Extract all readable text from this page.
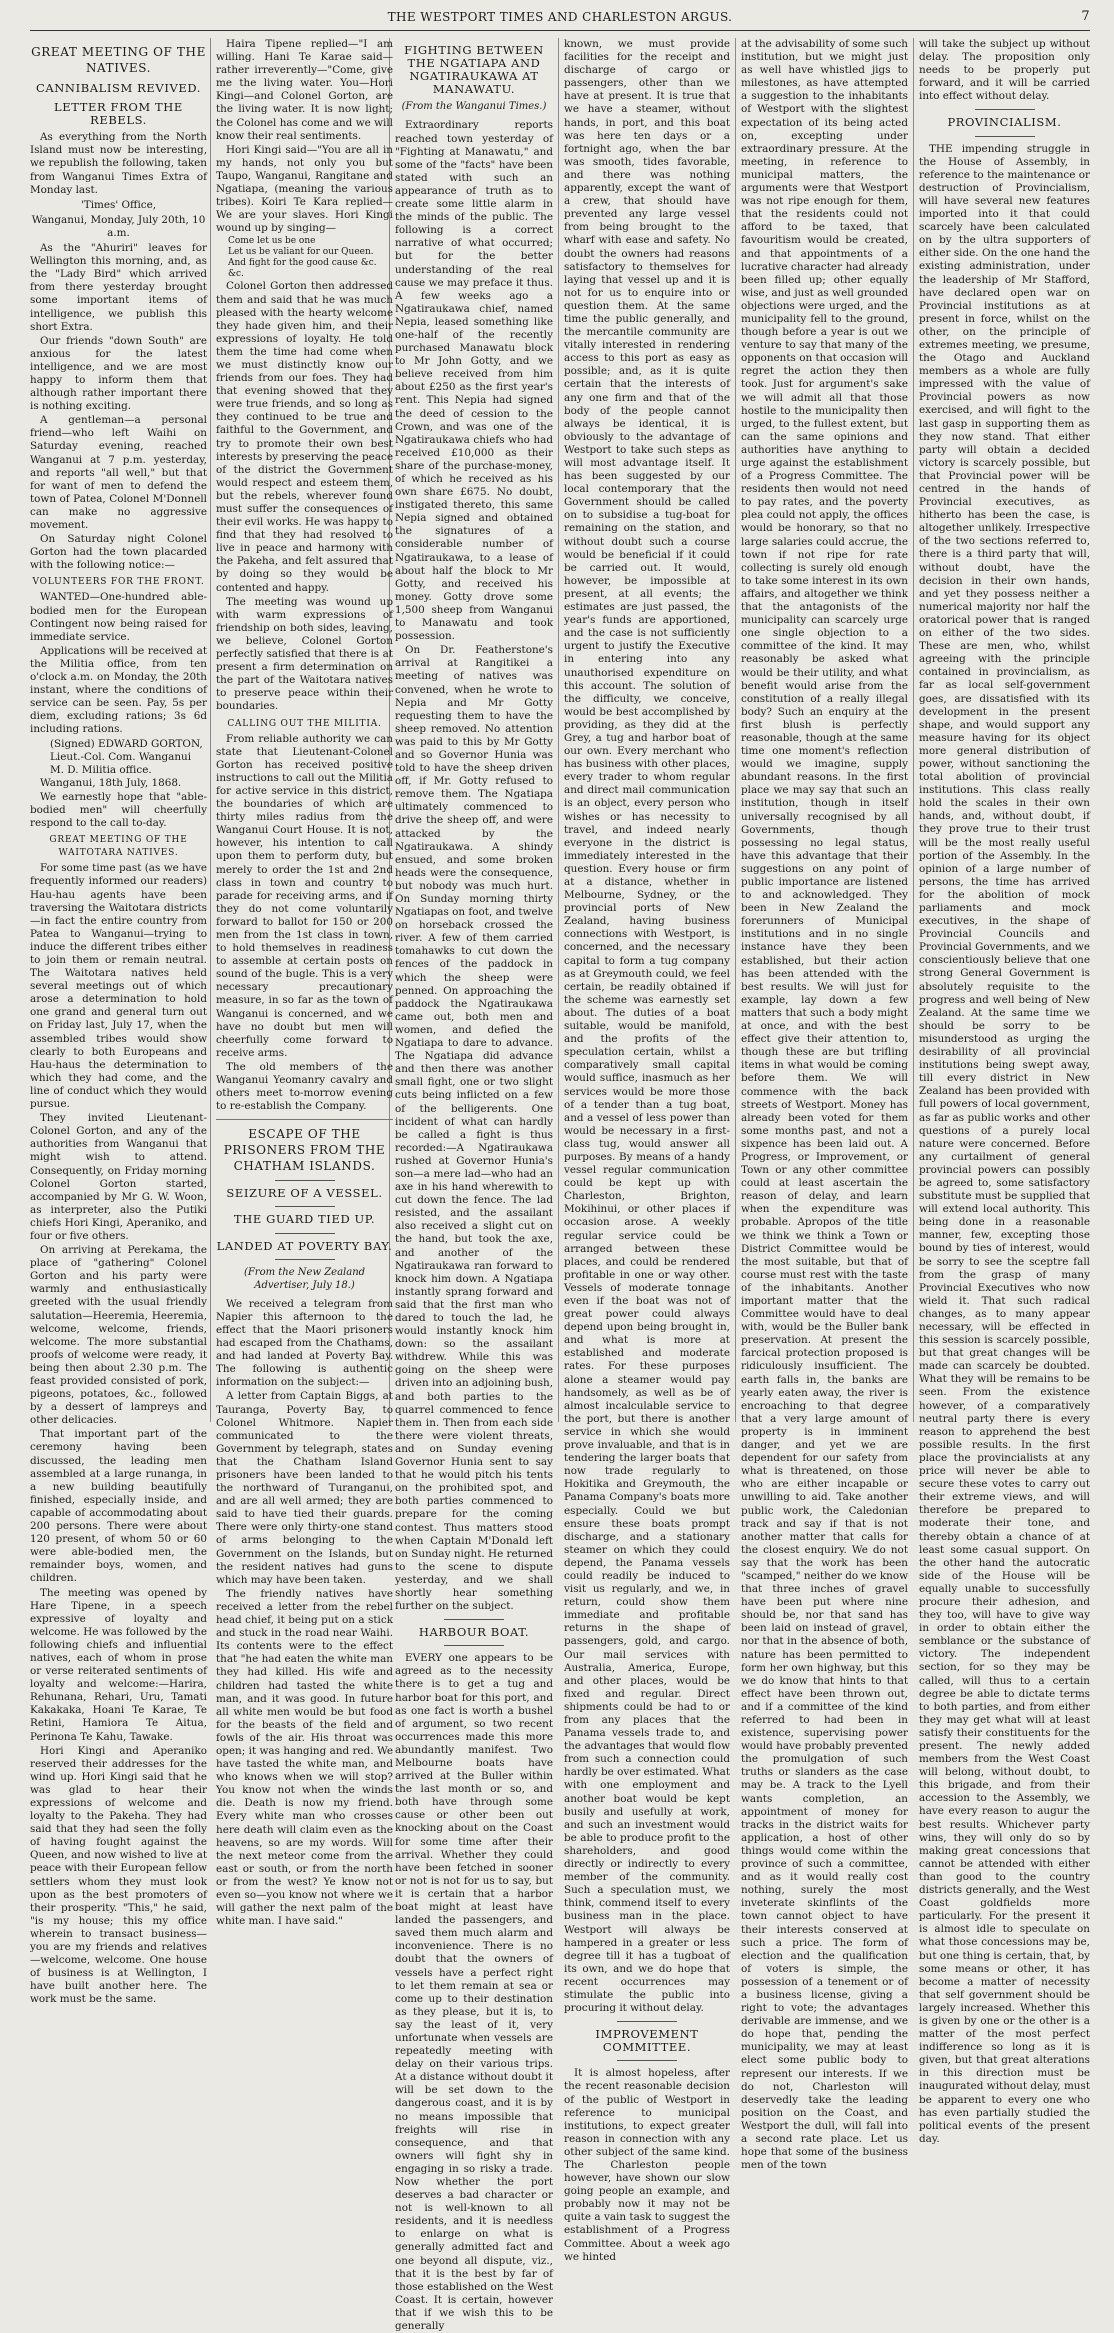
THE WESTPORT TIMES AND CHARLESTON ARGUS.	7
GREAT MEETING OF THE NATIVES.
CANNIBALISM REVIVED.
LETTER FROM THE REBELS.

As everything from the North Island must now be interesting, we republish the following, taken from Wanganui Times Extra of Monday last.

'Times' Office,
Wanganui, Monday, July 20th, 10 a.m.

As the "Ahuriri" leaves for Wellington this morning, and, as the "Lady Bird" which arrived from there yesterday brought some important items of intelligence, we publish this short Extra.

Our friends "down South" are anxious for the latest intelligence, and we are most happy to inform them that although rather important there is nothing exciting.

A gentleman—a personal friend—who left Waihi on Saturday evening, reached Wanganui at 7 p.m. yesterday, and reports "all well," but that for want of men to defend the town of Patea, Colonel M'Donnell can make no aggressive movement.

On Saturday night Colonel Gorton had the town placarded with the following notice:—

VOLUNTEERS FOR THE FRONT.

WANTED—One-hundred able-bodied men for the European Contingent now being raised for immediate service.

Applications will be received at the Militia office, from ten o'clock a.m. on Monday, the 20th instant, where the conditions of service can be seen. Pay, 5s per diem, excluding rations; 3s 6d including rations.

(Signed) EDWARD GORTON, Lieut.-Col. Com. Wanganui M. D. Militia office.

Wanganui, 18th July, 1868.

We earnestly hope that "able-bodied men" will cheerfully respond to the call to-day.

GREAT MEETING OF THE WAITOTARA NATIVES.

For some time past (as we have frequently informed our readers) Hau-hau agents have been traversing the Waitotara districts—in fact the entire country from Patea to Wanganui—trying to induce the different tribes either to join them or remain neutral. The Waitotara natives held several meetings out of which arose a determination to hold one grand and general turn out on Friday last, July 17, when the assembled tribes would show clearly to both Europeans and Hau-haus the determination to which they had come, and the line of conduct which they would pursue.

They invited Lieutenant-Colonel Gorton, and any of the authorities from Wanganui that might wish to attend. Consequently, on Friday morning Colonel Gorton started, accompanied by Mr G. W. Woon, as interpreter, also the Putiki chiefs Hori Kingi, Aperaniko, and four or five others.

On arriving at Perekama, the place of "gathering" Colonel Gorton and his party were warmly and enthusiastically greeted with the usual friendly salutation—Heeremia, Heeremia, welcome, welcome, friends, welcome. The more substantial proofs of welcome were ready, it being then about 2.30 p.m. The feast provided consisted of pork, pigeons, potatoes, &c., followed by a dessert of lampreys and other delicacies.

That important part of the ceremony having been discussed, the leading men assembled at a large runanga, in a new building beautifully finished, especially inside, and capable of accommodating about 200 persons. There were about 120 present, of whom 50 or 60 were able-bodied men, the remainder boys, women, and children.

The meeting was opened by Hare Tipene, in a speech expressive of loyalty and welcome. He was followed by the following chiefs and influential natives, each of whom in prose or verse reiterated sentiments of loyalty and welcome:—Harira, Rehunana, Rehari, Uru, Tamati Kakakaka, Hoani Te Karae, Te Retini, Hamiora Te Aitua, Perinona Te Kahu, Tawake.

Hori Kingi and Aperaniko reserved their addresses for the wind up. Hori Kingi said that he was glad to hear their expressions of welcome and loyalty to the Pakeha. They had said that they had seen the folly of having fought against the Queen, and now wished to live at peace with their European fellow settlers whom they must look upon as the best promoters of their prosperity. "This," he said, "is my house; this my office wherein to transact business—you are my friends and relatives—welcome, welcome. One house of business is at Wellington, I have built another here. The work must be the same.

Haira Tipene replied—"I am willing. Hani Te Karae said—rather irreverently—"Come, give me the living water. You—Hori Kingi—and Colonel Gorton, are the living water. It is now light; the Colonel has come and we will know their real sentiments.

Hori Kingi said—"You are all in my hands, not only you but Taupo, Wanganui, Rangitane and Ngatiapa, (meaning the various tribes). Koiri Te Kara replied—We are your slaves. Hori Kingi wound up by singing—

Come let us be one
Let us be valiant for our Queen.
And fight for the good cause &c. &c.

Colonel Gorton then addressed them and said that he was much pleased with the hearty welcome they hade given him, and their expressions of loyalty. He told them the time had come when we must distinctly know our friends from our foes. They had that evening showed that they were true friends, and so long as they continued to be true and faithful to the Government, and try to promote their own best interests by preserving the peace of the district the Government would respect and esteem them, but the rebels, wherever found must suffer the consequences of their evil works. He was happy to find that they had resolved to live in peace and harmony with the Pakeha, and felt assured that by doing so they would be contented and happy.

The meeting was wound up with warm expressions of friendship on both sides, leaving, we believe, Colonel Gorton perfectly satisfied that there is at present a firm determination on the part of the Waitotara natives to preserve peace within their boundaries.

CALLING OUT THE MILITIA.

From reliable authority we can state that Lieutenant-Colonel Gorton has received positive instructions to call out the Militia for active service in this district, the boundaries of which are thirty miles radius from the Wanganui Court House. It is not, however, his intention to call upon them to perform duty, but merely to order the 1st and 2nd class in town and country to parade for receiving arms, and if they do not come voluntarily forward to ballot for 150 or 200 men from the 1st class in town, to hold themselves in readiness to assemble at certain posts on sound of the bugle. This is a very necessary precautionary measure, in so far as the town of Wanganui is concerned, and we have no doubt but men will cheerfully come forward to receive arms.

The old members of the Wanganui Yeomanry cavalry and others meet to-morrow evening to re-establish the Company.

ESCAPE OF THE PRISONERS FROM THE CHATHAM ISLANDS.
SEIZURE OF A VESSEL.
THE GUARD TIED UP.
LANDED AT POVERTY BAY.
(From the New Zealand Advertiser, July 18.)

We received a telegram from Napier this afternoon to the effect that the Maori prisoners had escaped from the Chathams, and had landed at Poverty Bay. The following is authentic information on the subject:—

A letter from Captain Biggs, at Tauranga, Poverty Bay, to Colonel Whitmore. Napier communicated to the Government by telegraph, states that the Chatham Island prisoners have been landed to the northward of Turanganui, and are all well armed; they are said to have tied their guards. There were only thirty-one stand of arms belonging to the Government on the Islands, but the resident natives had guns which may have been taken.

The friendly natives have received a letter from the rebel head chief, it being put on a stick and stuck in the road near Waihi. Its contents were to the effect that "he had eaten the white man they had killed. His wife and children had tasted the white man, and it was good. In future all white men would be but food for the beasts of the field and fowls of the air. His throat was open; it was hanging and red. We have tasted the white man, and who knows when we will stop? You know not when the winds die. Death is now my friend. Every white man who crosses here death will claim even as the heavens, so are my words. Will the next meteor come from the east or south, or from the north or from the west? Ye know not even so—you know not where we will gather the next palm of the white man. I have said."

FIGHTING BETWEEN THE NGATIAPA AND NGATIRAUKAWA AT MANAWATU.
(From the Wanganui Times.)

Extraordinary reports reached town yesterday of "Fighting at Manawatu," and some of the "facts" have been stated with such an appearance of truth as to create some little alarm in the minds of the public. The following is a correct narrative of what occurred; but for the better understanding of the real cause we may preface it thus. A few weeks ago a Ngatiraukawa chief, named Nepia, leased something like one-half of the recently purchased Manawatu block to Mr John Gotty, and we believe received from him about £250 as the first year's rent. This Nepia had signed the deed of cession to the Crown, and was one of the Ngatiraukawa chiefs who had received £10,000 as their share of the purchase-money, of which he received as his own share £675. No doubt, instigated thereto, this same Nepia signed and obtained the signatures of a considerable number of Ngatiraukawa, to a lease of about half the block to Mr Gotty, and received his money. Gotty drove some 1,500 sheep from Wanganui to Manawatu and took possession.

On Dr. Featherstone's arrival at Rangitikei a meeting of natives was convened, when he wrote to Nepia and Mr Gotty requesting them to have the sheep removed. No attention was paid to this by Mr Gotty and so Governor Hunia was told to have the sheep driven off, if Mr. Gotty refused to remove them. The Ngatiapa ultimately commenced to drive the sheep off, and were attacked by the Ngatiraukawa. A shindy ensued, and some broken heads were the consequence, but nobody was much hurt. On Sunday morning thirty Ngatiapas on foot, and twelve on horseback crossed the river. A few of them carried tomahawks to cut down the fences of the paddock in which the sheep were penned. On approaching the paddock the Ngatiraukawa came out, both men and women, and defied the Ngatiapa to dare to advance. The Ngatiapa did advance and then there was another small fight, one or two slight cuts being inflicted on a few of the belligerents. One incident of what can hardly be called a fight is thus recorded:—A Ngatiraukawa rushed at Governor Hunia's son—a mere lad—who had an axe in his hand wherewith to cut down the fence. The lad resisted, and the assailant also received a slight cut on the hand, but took the axe, and another of the Ngatiraukawa ran forward to knock him down. A Ngatiapa instantly sprang forward and said that the first man who dared to touch the lad, he would instantly knock him down: so the assailant withdrew. While this was going on the sheep were driven into an adjoining bush, and both parties to the quarrel commenced to fence them in. Then from each side there were violent threats, and on Sunday evening Governor Hunia sent to say that he would pitch his tents on the prohibited spot, and both parties commenced to prepare for the coming contest. Thus matters stood when Captain M'Donald left on Sunday night. He returned to the scene to dispute yesterday, and we shall shortly hear something further on the subject.

HARBOUR BOAT.

EVERY one appears to be agreed as to the necessity there is to get a tug and harbor boat for this port, and as one fact is worth a bushel of argument, so two recent occurrences made this more abundantly manifest. Two Melbourne boats have arrived at the Buller within the last month or so, and both have through some cause or other been out knocking about on the Coast for some time after their arrival. Whether they could have been fetched in sooner or not is not for us to say, but it is certain that a harbor boat might at least have landed the passengers, and saved them much alarm and inconvenience. There is no doubt that the owners of vessels have a perfect right to let them remain at sea or come up to their destination as they please, but it is, to say the least of it, very unfortunate when vessels are repeatedly meeting with delay on their various trips. At a distance without doubt it will be set down to the dangerous coast, and it is by no means impossible that freights will rise in consequence, and that owners will fight shy in engaging in so risky a trade. Now whether the port deserves a bad character or not is well-known to all residents, and it is needless to enlarge on what is generally admitted fact and one beyond all dispute, viz., that it is the best by far of those established on the West Coast. It is certain, however that if we wish this to be generally

known, we must provide facilities for the receipt and discharge of cargo or passengers, other than we have at present. It is true that we have a steamer, without hands, in port, and this boat was here ten days or a fortnight ago, when the bar was smooth, tides favorable, and there was nothing apparently, except the want of a crew, that should have prevented any large vessel from being brought to the wharf with ease and safety. No doubt the owners had reasons satisfactory to themselves for laying that vessel up and it is not for us to enquire into or question them. At the same time the public generally, and the mercantile community are vitally interested in rendering access to this port as easy as possible; and, as it is quite certain that the interests of any one firm and that of the body of the people cannot always be identical, it is obviously to the advantage of Westport to take such steps as will most advantage itself. It has been suggested by our local contemporary that the Government should be called on to subsidise a tug-boat for remaining on the station, and without doubt such a course would be beneficial if it could be carried out. It would, however, be impossible at present, at all events; the estimates are just passed, the year's funds are apportioned, and the case is not sufficiently urgent to justify the Executive in entering into any unauthorised expenditure on this account. The solution of the difficulty, we conceive, would be best accomplished by providing, as they did at the Grey, a tug and harbor boat of our own. Every merchant who has business with other places, every trader to whom regular and direct mail communication is an object, every person who wishes or has necessity to travel, and indeed nearly everyone in the district is immediately interested in the question. Every house or firm at a distance, whether in Melbourne, Sydney, or the provincial ports of New Zealand, having business connections with Westport, is concerned, and the necessary capital to form a tug company as at Greymouth could, we feel certain, be readily obtained if the scheme was earnestly set about. The duties of a boat suitable, would be manifold, and the profits of the speculation certain, whilst a comparatively small capital would suffice, inasmuch as her services would be more those of a tender than a tug boat, and a vessel of less power than would be necessary in a first-class tug, would answer all purposes. By means of a handy vessel regular communication could be kept up with Charleston, Brighton, Mokihinui, or other places if occasion arose. A weekly regular service could be arranged between these places, and could be rendered profitable in one or way other. Vessels of moderate tonnage even if the boat was not of great power could always depend upon being brought in, and what is more at established and moderate rates. For these purposes alone a steamer would pay handsomely, as well as be of almost incalculable service to the port, but there is another service in which she would prove invaluable, and that is in tendering the larger boats that now trade regularly to Hokitika and Greymouth, the Panama Company's boats more especially. Could we but ensure these boats prompt discharge, and a stationary steamer on which they could depend, the Panama vessels could readily be induced to visit us regularly, and we, in return, could show them immediate and profitable returns in the shape of passengers, gold, and cargo. Our mail services with Australia, America, Europe, and other places, would be fixed and regular. Direct shipments could be had to or from any places that the Panama vessels trade to, and the advantages that would flow from such a connection could hardly be over estimated. What with one employment and another boat would be kept busily and usefully at work, and such an investment would be able to produce profit to the shareholders, and good directly or indirectly to every member of the community. Such a speculation must, we think, commend itself to every business man in the place. Westport will always be hampered in a greater or less degree till it has a tugboat of its own, and we do hope that recent occurrences may stimulate the public into procuring it without delay.

IMPROVEMENT COMMITTEE.

It is almost hopeless, after the recent reasonable decision of the public of Westport in reference to municipal institutions, to expect greater reason in connection with any other subject of the same kind. The Charleston people however, have shown our slow going people an example, and probably now it may not be quite a vain task to suggest the establishment of a Progress Committee. About a week ago we hinted

at the advisability of some such institution, but we might just as well have whistled jigs to milestones, as have attempted a suggestion to the inhabitants of Westport with the slightest expectation of its being acted on, excepting under extraordinary pressure. At the meeting, in reference to municipal matters, the arguments were that Westport was not ripe enough for them, that the residents could not afford to be taxed, that favouritism would be created, and that appointments of a lucrative character had already been filled up; other equally wise, and just as well grounded objections were urged, and the municipality fell to the ground, though before a year is out we venture to say that many of the opponents on that occasion will regret the action they then took. Just for argument's sake we will admit all that those hostile to the municipality then urged, to the fullest extent, but can the same opinions and authorities have anything to urge against the establishment of a Progress Committee. The residents then would not need to pay rates, and the poverty plea could not apply, the offices would be honorary, so that no large salaries could accrue, the town if not ripe for rate collecting is surely old enough to take some interest in its own affairs, and altogether we think that the antagonists of the municipality can scarcely urge one single objection to a committee of the kind. It may reasonably be asked what would be their utility, and what benefit would arise from the constitution of a really illegal body? Such an enquiry at the first blush is perfectly reasonable, though at the same time one moment's reflection would we imagine, supply abundant reasons. In the first place we may say that such an institution, though in itself universally recognised by all Governments, though possessing no legal status, have this advantage that their suggestions on any point of public importance are listened to and acknowledged. They been in New Zealand the forerunners of Municipal institutions and in no single instance have they been established, but their action has been attended with the best results. We will just for example, lay down a few matters that such a body might at once, and with the best effect give their attention to, though these are but trifling items in what would be coming before them. We will commence with the back streets of Westport. Money has already been voted for them some months past, and not a sixpence has been laid out. A Progress, or Improvement, or Town or any other committee could at least ascertain the reason of delay, and learn when the expenditure was probable. Apropos of the title we think we think a Town or District Committee would be the most suitable, but that of course must rest with the taste of the inhabitants. Another important matter that the Committee would have to deal with, would be the Buller bank preservation. At present the farcical protection proposed is ridiculously insufficient. The earth falls in, the banks are yearly eaten away, the river is encroaching to that degree that a very large amount of property is in imminent danger, and yet we are dependent for our safety from what is threatened, on those who are either incapable or unwilling to aid. Take another public work, the Caledonian track and say if that is not another matter that calls for the closest enquiry. We do not say that the work has been "scamped," neither do we know that three inches of gravel have been put where nine should be, nor that sand has been laid on instead of gravel, nor that in the absence of both, nature has been permitted to form her own highway, but this we do know that hints to that effect have been thrown out, and if a committee of the kind referred to had been in existence, supervising power would have probably prevented the promulgation of such truths or slanders as the case may be. A track to the Lyell wants completion, an appointment of money for tracks in the district waits for application, a host of other things would come within the province of such a committee, and as it would really cost nothing, surely the most inveterate skinflints of the town cannot object to have their interests conserved at such a price. The form of election and the qualification of voters is simple, the possession of a tenement or of a business license, giving a right to vote; the advantages derivable are immense, and we do hope that, pending the municipality, we may at least elect some public body to represent our interests. If we do not, Charleston will deservedly take the leading position on the Coast, and Westport the dull, will fall into a second rate place. Let us hope that some of the business men of the town

will take the subject up without delay. The proposition only needs to be properly put forward, and it will be carried into effect without delay.

PROVINCIALISM.

THE impending struggle in the House of Assembly, in reference to the maintenance or destruction of Provincialism, will have several new features imported into it that could scarcely have been calculated on by the ultra supporters of either side. On the one hand the existing administration, under the leadership of Mr Stafford, have declared open war on Provincial institutions as at present in force, whilst on the other, on the principle of extremes meeting, we presume, the Otago and Auckland members as a whole are fully impressed with the value of Provincial powers as now exercised, and will fight to the last gasp in supporting them as they now stand. That either party will obtain a decided victory is scarcely possible, but that Provincial power will be centred in the hands of Provincial executives, as hitherto has been the case, is altogether unlikely. Irrespective of the two sections referred to, there is a third party that will, without doubt, have the decision in their own hands, and yet they possess neither a numerical majority nor half the oratorical power that is ranged on either of the two sides. These are men, who, whilst agreeing with the principle contained in provincialism, as far as local self-government goes, are dissatisfied with its development in the present shape, and would support any measure having for its object more general distribution of power, without sanctioning the total abolition of provincial institutions. This class really hold the scales in their own hands, and, without doubt, if they prove true to their trust will be the most really useful portion of the Assembly. In the opinion of a large number of persons, the time has arrived for the abolition of mock parliaments and mock executives, in the shape of Provincial Councils and Provincial Governments, and we conscientiously believe that one strong General Government is absolutely requisite to the progress and well being of New Zealand. At the same time we should be sorry to be misunderstood as urging the desirability of all provincial institutions being swept away, till every district in New Zealand has been provided with full powers of local government, as far as public works and other questions of a purely local nature were concerned. Before any curtailment of general provincial powers can possibly be agreed to, some satisfactory substitute must be supplied that will extend local authority. This being done in a reasonable manner, few, excepting those bound by ties of interest, would be sorry to see the sceptre fall from the grasp of many Provincial Executives who now wield it. That such radical changes, as to many appear necessary, will be effected in this session is scarcely possible, but that great changes will be made can scarcely be doubted. What they will be remains to be seen. From the existence however, of a comparatively neutral party there is every reason to apprehend the best possible results. In the first place the provincialists at any price will never be able to secure these votes to carry out their extreme views, and will therefore be prepared to moderate their tone, and thereby obtain a chance of at least some casual support. On the other hand the autocratic side of the House will be equally unable to successfully procure their adhesion, and they too, will have to give way in order to obtain either the semblance or the substance of victory. The independent section, for so they may be called, will thus to a certain degree be able to dictate terms to both parties, and from either they may get what will at least satisfy their constituents for the present. The newly added members from the West Coast will belong, without doubt, to this brigade, and from their accession to the Assembly, we have every reason to augur the best results. Whichever party wins, they will only do so by making great concessions that cannot be attended with either than good to the country districts generally, and the West Coast goldfields more particularly. For the present it is almost idle to speculate on what those concessions may be, but one thing is certain, that, by some means or other, it has become a matter of necessity that self government should be largely increased. Whether this is given by one or the other is a matter of the most perfect indifference so long as it is given, but that great alterations in this direction must be inaugurated without delay, must be apparent to every one who has even partially studied the political events of the present day.
